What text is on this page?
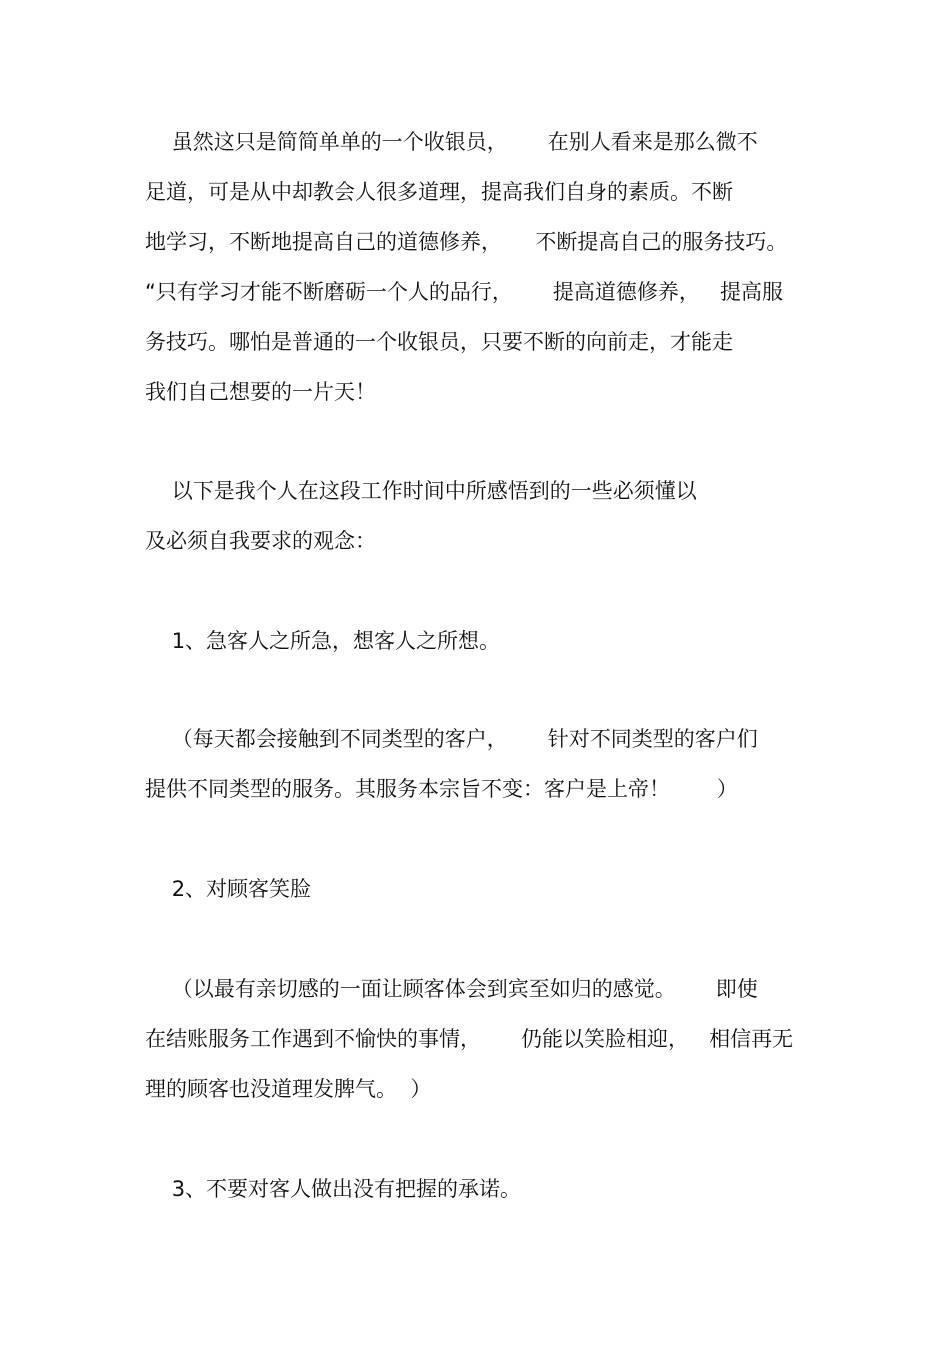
虽然这只是简简单单的一个收银员，      在别人看来是那么微不

足道，可是从中却教会人很多道理，提高我们自身的素质。不断

地学习，不断地提高自己的道德修养，     不断提高自己的服务技巧。

“只有学习才能不断磨砺一个人的品行，      提高道德修养，   提高服

务技巧。哪怕是普通的一个收银员，只要不断的向前走，才能走

我们自己想要的一片天！

以下是我个人在这段工作时间中所感悟到的一些必须懂以

及必须自我要求的观念：

1、急客人之所急，想客人之所想。

（每天都会接触到不同类型的客户，      针对不同类型的客户们

提供不同类型的服务。其服务本宗旨不变：客户是上帝！       ）

2、对顾客笑脸

（以最有亲切感的一面让顾客体会到宾至如归的感觉。      即使

在结账服务工作遇到不愉快的事情，      仍能以笑脸相迎，   相信再无

理的顾客也没道理发脾气。  ）

3、不要对客人做出没有把握的承诺。
